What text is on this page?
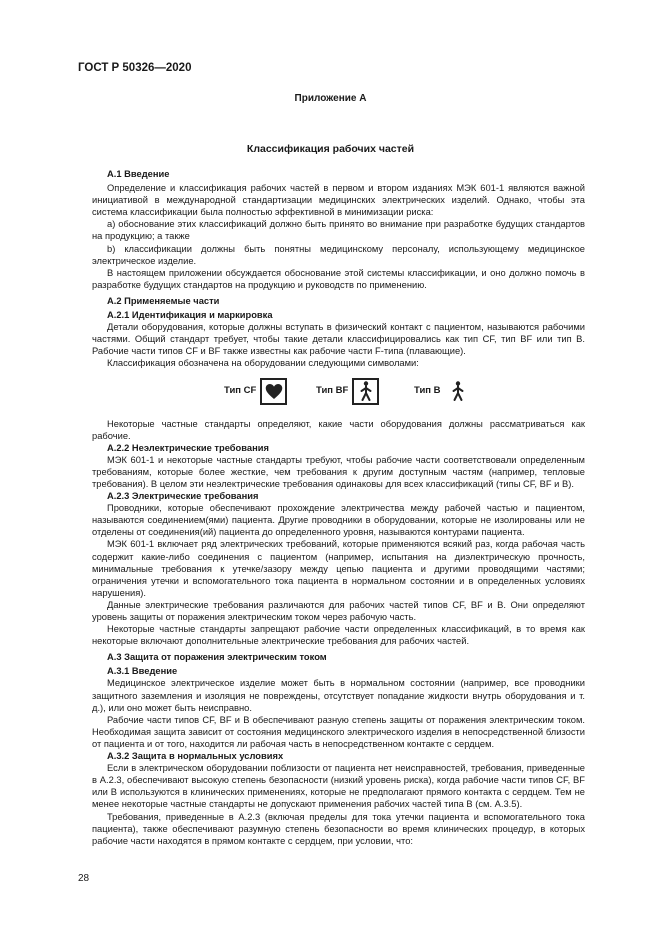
ГОСТ Р 50326—2020
Приложение А
Классификация рабочих частей

А.1 Введение

Определение и классификация рабочих частей в первом и втором изданиях МЭК 601-1 являются важной инициативой в международной стандартизации медицинских электрических изделий. Однако, чтобы эта система классификации была полностью эффективной в минимизации риска:

а) обоснование этих классификаций должно быть принято во внимание при разработке будущих стандартов на продукцию; а также

b) классификации должны быть понятны медицинскому персоналу, использующему медицинское электрическое изделие.

В настоящем приложении обсуждается обоснование этой системы классификации, и оно должно помочь в разработке будущих стандартов на продукцию и руководств по применению.

А.2 Применяемые части

А.2.1 Идентификация и маркировка

Детали оборудования, которые должны вступать в физический контакт с пациентом, называются рабочими частями. Общий стандарт требует, чтобы такие детали классифицировались как тип CF, тип BF или тип B. Рабочие части типов CF и BF также известны как рабочие части F-типа (плавающие).

Классификация обозначена на оборудовании следующими символами:

Тип CF	Тип BF	Тип B

Некоторые частные стандарты определяют, какие части оборудования должны рассматриваться как рабочие.

А.2.2 Неэлектрические требования

МЭК 601-1 и некоторые частные стандарты требуют, чтобы рабочие части соответствовали определенным требованиям, которые более жесткие, чем требования к другим доступным частям (например, тепловые требования). В целом эти неэлектрические требования одинаковы для всех классификаций (типы CF, BF и B).

А.2.3 Электрические требования

Проводники, которые обеспечивают прохождение электричества между рабочей частью и пациентом, называются соединением(ями) пациента. Другие проводники в оборудовании, которые не изолированы или не отделены от соединения(ий) пациента до определенного уровня, называются контурами пациента.

МЭК 601-1 включает ряд электрических требований, которые применяются всякий раз, когда рабочая часть содержит какие-либо соединения с пациентом (например, испытания на диэлектрическую прочность, минимальные требования к утечке/зазору между цепью пациента и другими проводящими частями; ограничения утечки и вспомогательного тока пациента в нормальном состоянии и в определенных условиях нарушения).

Данные электрические требования различаются для рабочих частей типов CF, BF и B. Они определяют уровень защиты от поражения электрическим током через рабочую часть.

Некоторые частные стандарты запрещают рабочие части определенных классификаций, в то время как некоторые включают дополнительные электрические требования для рабочих частей.

А.3 Защита от поражения электрическим током

А.3.1 Введение

Медицинское электрическое изделие может быть в нормальном состоянии (например, все проводники защитного заземления и изоляция не повреждены, отсутствует попадание жидкости внутрь оборудования и т. д.), или оно может быть неисправно.

Рабочие части типов CF, BF и B обеспечивают разную степень защиты от поражения электрическим током. Необходимая защита зависит от состояния медицинского электрического изделия в непосредственной близости от пациента и от того, находится ли рабочая часть в непосредственном контакте с сердцем.

А.3.2 Защита в нормальных условиях

Если в электрическом оборудовании поблизости от пациента нет неисправностей, требования, приведенные в А.2.3, обеспечивают высокую степень безопасности (низкий уровень риска), когда рабочие части типов CF, BF или B используются в клинических применениях, которые не предполагают прямого контакта с сердцем. Тем не менее некоторые частные стандарты не допускают применения рабочих частей типа B (см. А.3.5).

Требования, приведенные в А.2.3 (включая пределы для тока утечки пациента и вспомогательного тока пациента), также обеспечивают разумную степень безопасности во время клинических процедур, в которых рабочие части находятся в прямом контакте с сердцем, при условии, что:

28
